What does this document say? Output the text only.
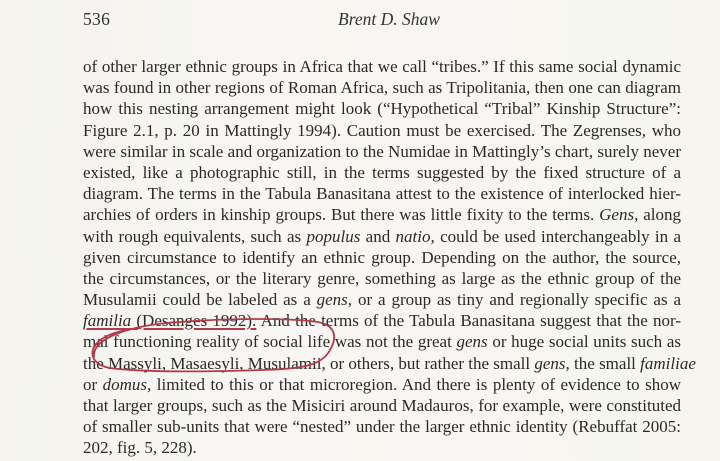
536	Brent D. Shaw
of other larger ethnic groups in Africa that we call “tribes.” If this same social dynamic
was found in other regions of Roman Africa, such as Tripolitania, then one can diagram
how this nesting arrangement might look (“Hypothetical “Tribal” Kinship Structure”:
Figure 2.1, p. 20 in Mattingly 1994). Caution must be exercised. The Zegrenses, who
were similar in scale and organization to the Numidae in Mattingly’s chart, surely never
existed, like a photographic still, in the terms suggested by the fixed structure of a
diagram. The terms in the Tabula Banasitana attest to the existence of interlocked hier-
archies of orders in kinship groups. But there was little fixity to the terms. Gens, along
with rough equivalents, such as populus and natio, could be used interchangeably in a
given circumstance to identify an ethnic group. Depending on the author, the source,
the circumstances, or the literary genre, something as large as the ethnic group of the
Musulamii could be labeled as a gens, or a group as tiny and regionally specific as a
familia (Desanges 1992). And the terms of the Tabula Banasitana suggest that the nor-
mal functioning reality of social life was not the great gens or huge social units such as
the Massyli, Masaesyli, Musulamii, or others, but rather the small gens, the small familiae
or domus, limited to this or that microregion. And there is plenty of evidence to show
that larger groups, such as the Misiciri around Madauros, for example, were constituted
of smaller sub-units that were “nested” under the larger ethnic identity (Rebuffat 2005:
202, fig. 5, 228).
